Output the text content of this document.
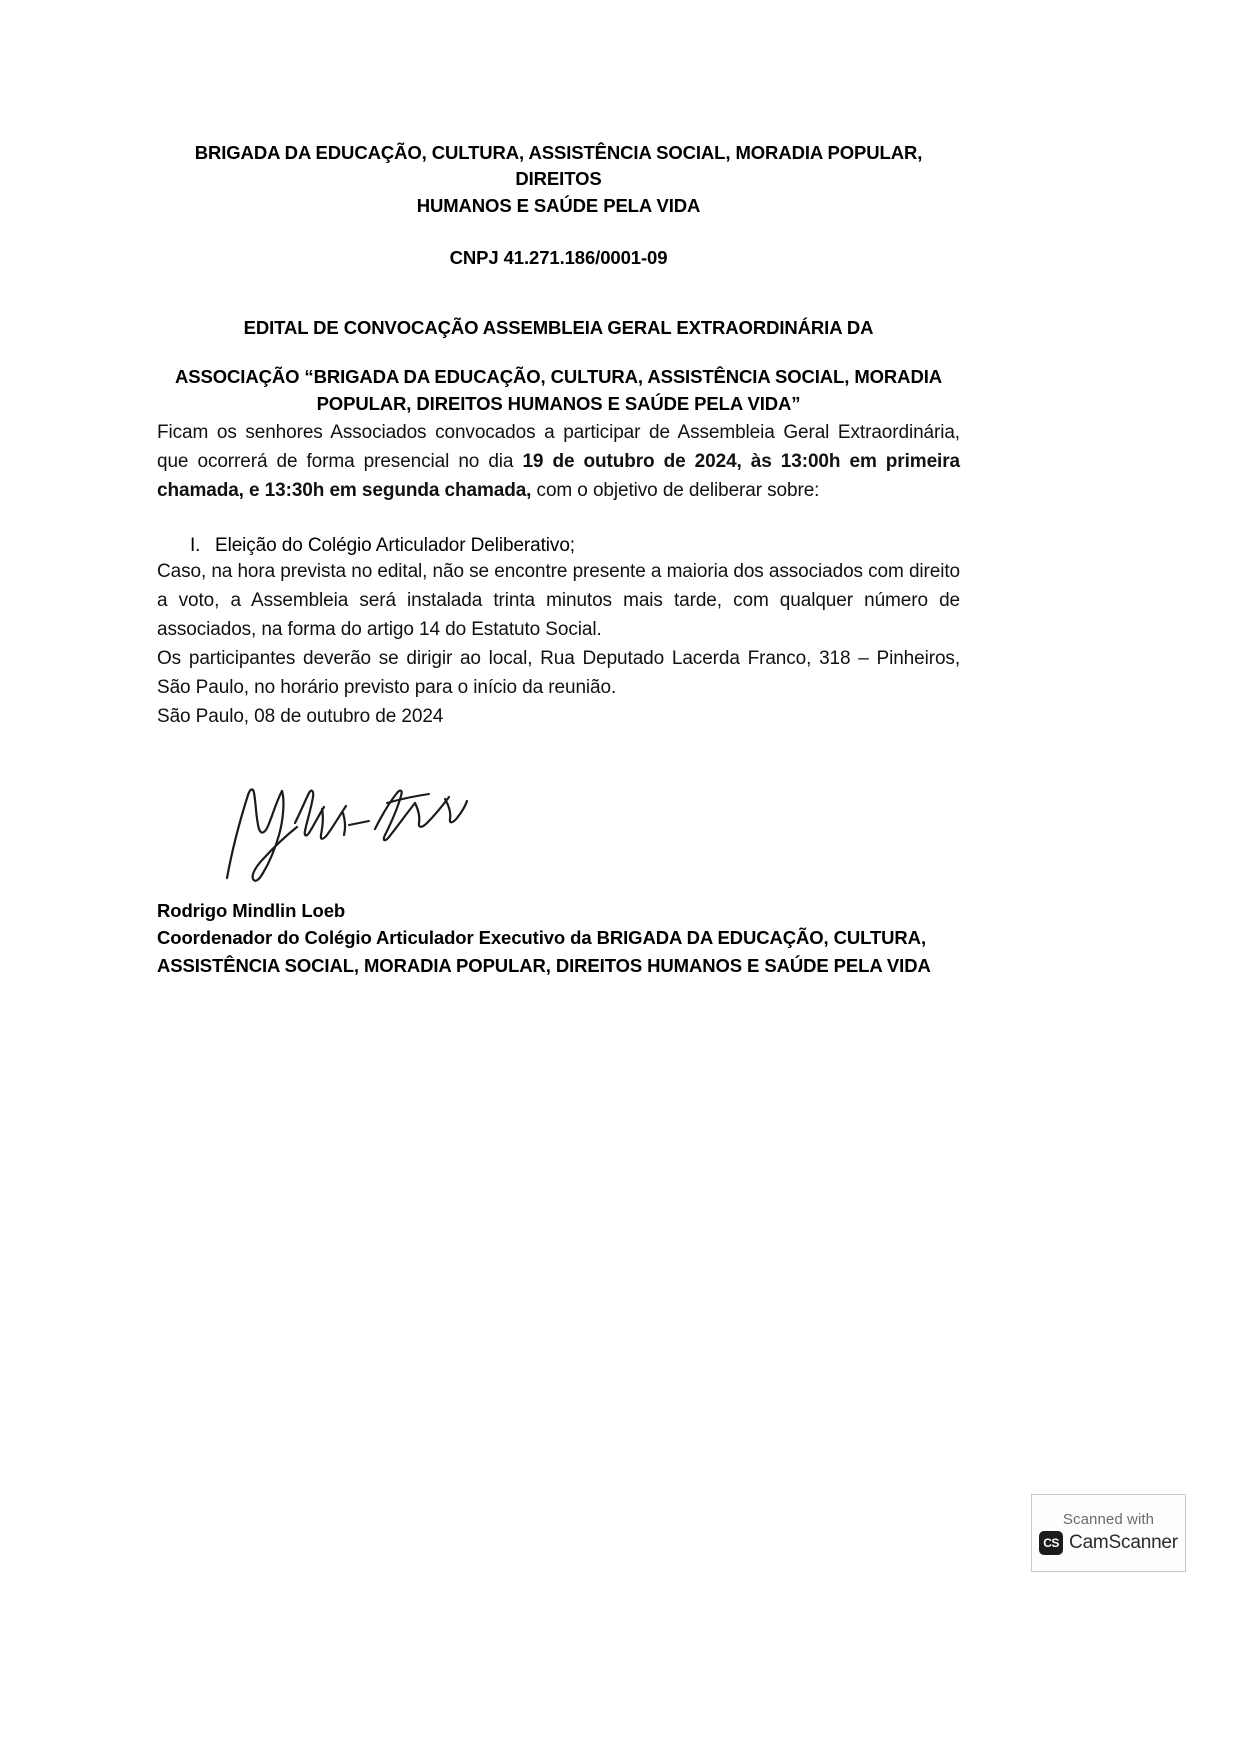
BRIGADA DA EDUCAÇÃO, CULTURA, ASSISTÊNCIA SOCIAL, MORADIA POPULAR, DIREITOS
HUMANOS E SAÚDE PELA VIDA
CNPJ 41.271.186/0001-09
EDITAL DE CONVOCAÇÃO ASSEMBLEIA GERAL EXTRAORDINÁRIA DA
ASSOCIAÇÃO “BRIGADA DA EDUCAÇÃO, CULTURA, ASSISTÊNCIA SOCIAL, MORADIA
POPULAR, DIREITOS HUMANOS E SAÚDE PELA VIDA”

Ficam os senhores Associados convocados a participar de Assembleia Geral Extraordinária, que ocorrerá de forma presencial no dia 19 de outubro de 2024, às 13:00h em primeira chamada, e 13:30h em segunda chamada, com o objetivo de deliberar sobre:

I. Eleição do Colégio Articulador Deliberativo;

Caso, na hora prevista no edital, não se encontre presente a maioria dos associados com direito a voto, a Assembleia será instalada trinta minutos mais tarde, com qualquer número de associados, na forma do artigo 14 do Estatuto Social.

Os participantes deverão se dirigir ao local, Rua Deputado Lacerda Franco, 318 – Pinheiros, São Paulo, no horário previsto para o início da reunião.

São Paulo, 08 de outubro de 2024

Rodrigo Mindlin Loeb
Coordenador do Colégio Articulador Executivo da BRIGADA DA EDUCAÇÃO, CULTURA,
ASSISTÊNCIA SOCIAL, MORADIA POPULAR, DIREITOS HUMANOS E SAÚDE PELA VIDA
Scanned with
CS CamScanner
